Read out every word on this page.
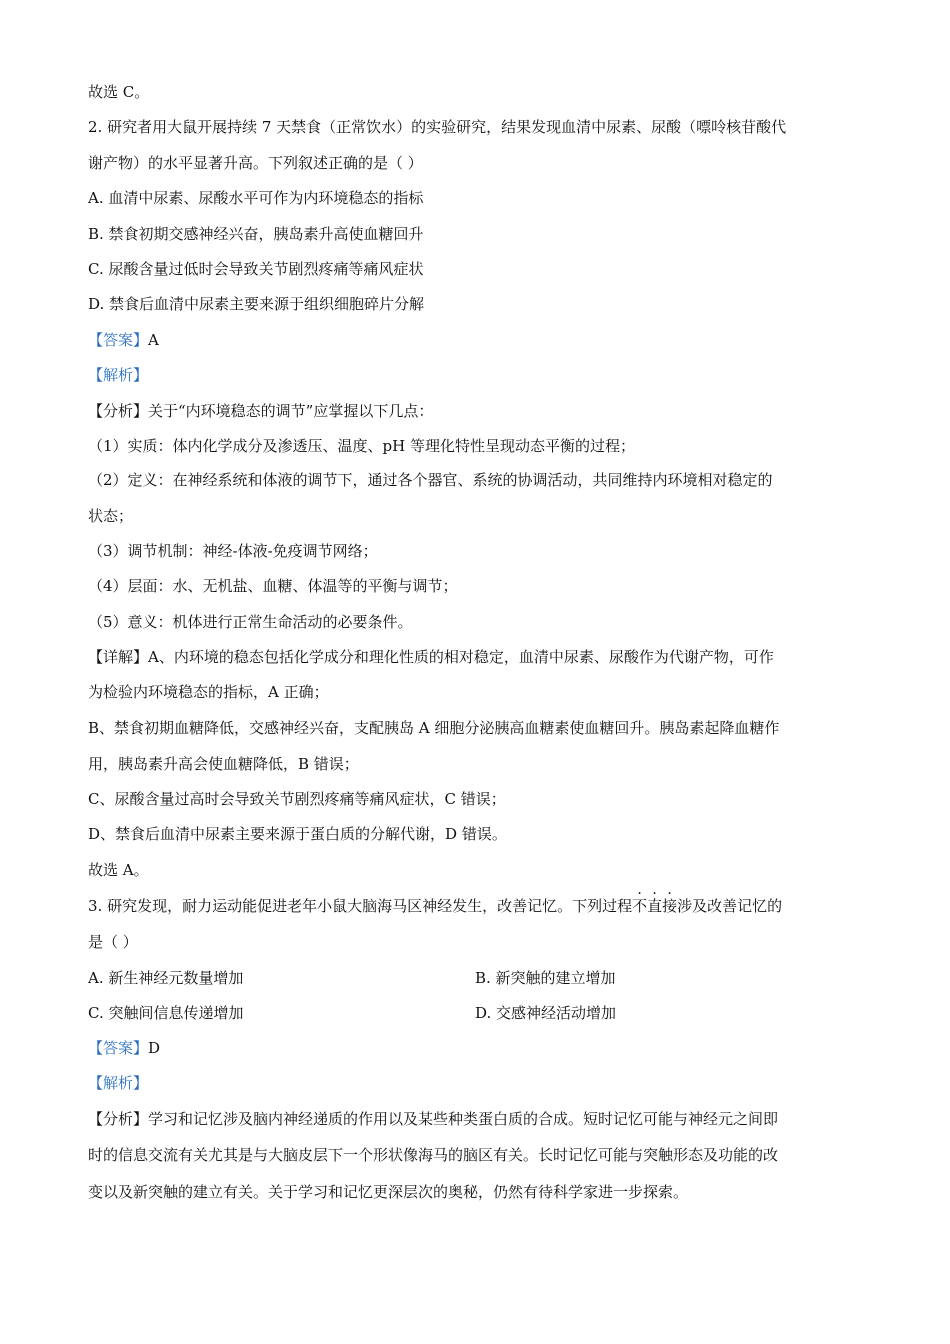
故选 C。
2. 研究者用大鼠开展持续 7 天禁食（正常饮水）的实验研究，结果发现血清中尿素、尿酸（嘌呤核苷酸代
谢产物）的水平显著升高。下列叙述正确的是（ ）
A. 血清中尿素、尿酸水平可作为内环境稳态的指标
B. 禁食初期交感神经兴奋，胰岛素升高使血糖回升
C. 尿酸含量过低时会导致关节剧烈疼痛等痛风症状
D. 禁食后血清中尿素主要来源于组织细胞碎片分解
【答案】A
【解析】
【分析】关于“内环境稳态的调节”应掌握以下几点：
（1）实质：体内化学成分及渗透压、温度、pH 等理化特性呈现动态平衡的过程；
（2）定义：在神经系统和体液的调节下，通过各个器官、系统的协调活动，共同维持内环境相对稳定的
状态；
（3）调节机制：神经-体液-免疫调节网络；
（4）层面：水、无机盐、血糖、体温等的平衡与调节；
（5）意义：机体进行正常生命活动的必要条件。
【详解】A、内环境的稳态包括化学成分和理化性质的相对稳定，血清中尿素、尿酸作为代谢产物，可作
为检验内环境稳态的指标，A 正确；
B、禁食初期血糖降低，交感神经兴奋，支配胰岛 A 细胞分泌胰高血糖素使血糖回升。胰岛素起降血糖作
用，胰岛素升高会使血糖降低，B 错误；
C、尿酸含量过高时会导致关节剧烈疼痛等痛风症状，C 错误；
D、禁食后血清中尿素主要来源于蛋白质的分解代谢，D 错误。
故选 A。
3. 研究发现，耐力运动能促进老年小鼠大脑海马区神经发生，改善记忆。下列过程不直接涉及改善记忆的
是（ ）
A. 新生神经元数量增加	B. 新突触的建立增加
C. 突触间信息传递增加	D. 交感神经活动增加
【答案】D
【解析】
【分析】学习和记忆涉及脑内神经递质的作用以及某些种类蛋白质的合成。短时记忆可能与神经元之间即
时的信息交流有关尤其是与大脑皮层下一个形状像海马的脑区有关。长时记忆可能与突触形态及功能的改
变以及新突触的建立有关。关于学习和记忆更深层次的奥秘，仍然有待科学家进一步探索。
